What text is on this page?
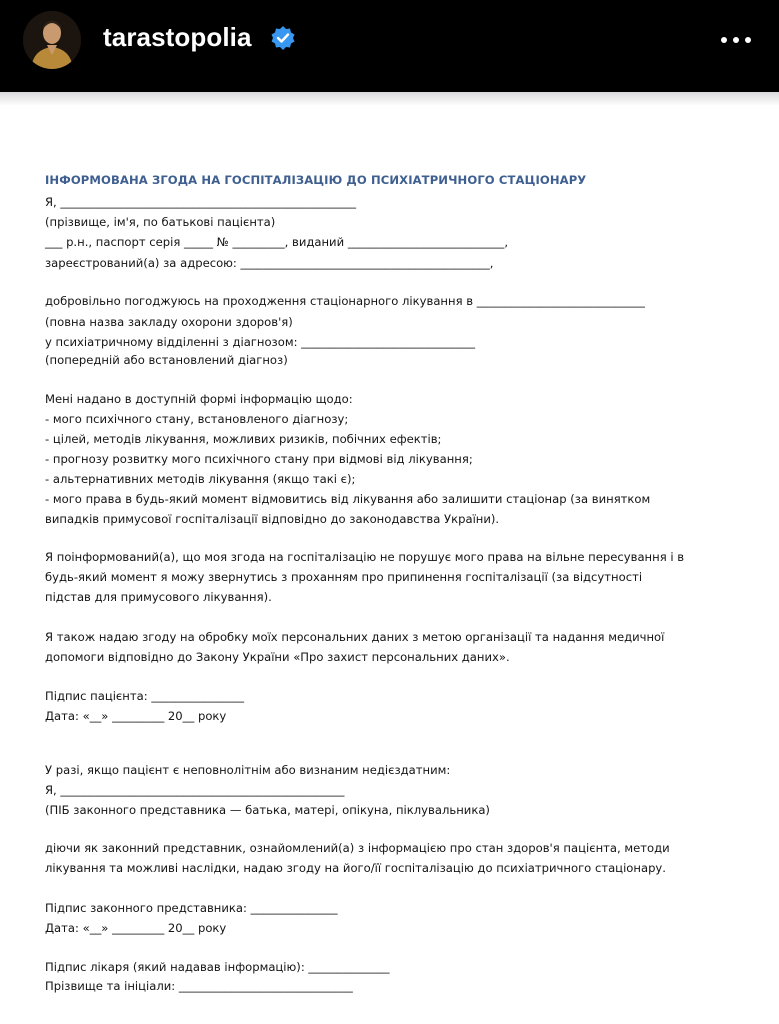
tarastopolia
ІНФОРМОВАНА ЗГОДА НА ГОСПІТАЛІЗАЦІЮ ДО ПСИХІАТРИЧНОГО СТАЦІОНАРУ
Я, ___________________________________________________
(прізвище, ім'я, по батькові пацієнта)
___ р.н., паспорт серія _____ № _________, виданий ___________________________,
зареєстрований(а) за адресою: ___________________________________________,
добровільно погоджуюсь на проходження стаціонарного лікування в _____________________________
(повна назва закладу охорони здоров'я)
у психіатричному відділенні з діагнозом: ______________________________
(попередній або встановлений діагноз)
Мені надано в доступній формі інформацію щодо:
- мого психічного стану, встановленого діагнозу;
- цілей, методів лікування, можливих ризиків, побічних ефектів;
- прогнозу розвитку мого психічного стану при відмові від лікування;
- альтернативних методів лікування (якщо такі є);
- мого права в будь-який момент відмовитись від лікування або залишити стаціонар (за винятком
випадків примусової госпіталізації відповідно до законодавства України).
Я поінформований(а), що моя згода на госпіталізацію не порушує мого права на вільне пересування і в
будь-який момент я можу звернутись з проханням про припинення госпіталізації (за відсутності
підстав для примусового лікування).
Я також надаю згоду на обробку моїх персональних даних з метою організації та надання медичної
допомоги відповідно до Закону України «Про захист персональних даних».
Підпис пацієнта: ________________
Дата: «__» _________ 20__ року
У разі, якщо пацієнт є неповнолітнім або визнаним недієздатним:
Я, _________________________________________________
(ПІБ законного представника — батька, матері, опікуна, піклувальника)
діючи як законний представник, ознайомлений(а) з інформацією про стан здоров'я пацієнта, методи
лікування та можливі наслідки, надаю згоду на його/її госпіталізацію до психіатричного стаціонару.
Підпис законного представника: _______________
Дата: «__» _________ 20__ року
Підпис лікаря (який надавав інформацію): ______________
Прізвище та ініціали: ______________________________
